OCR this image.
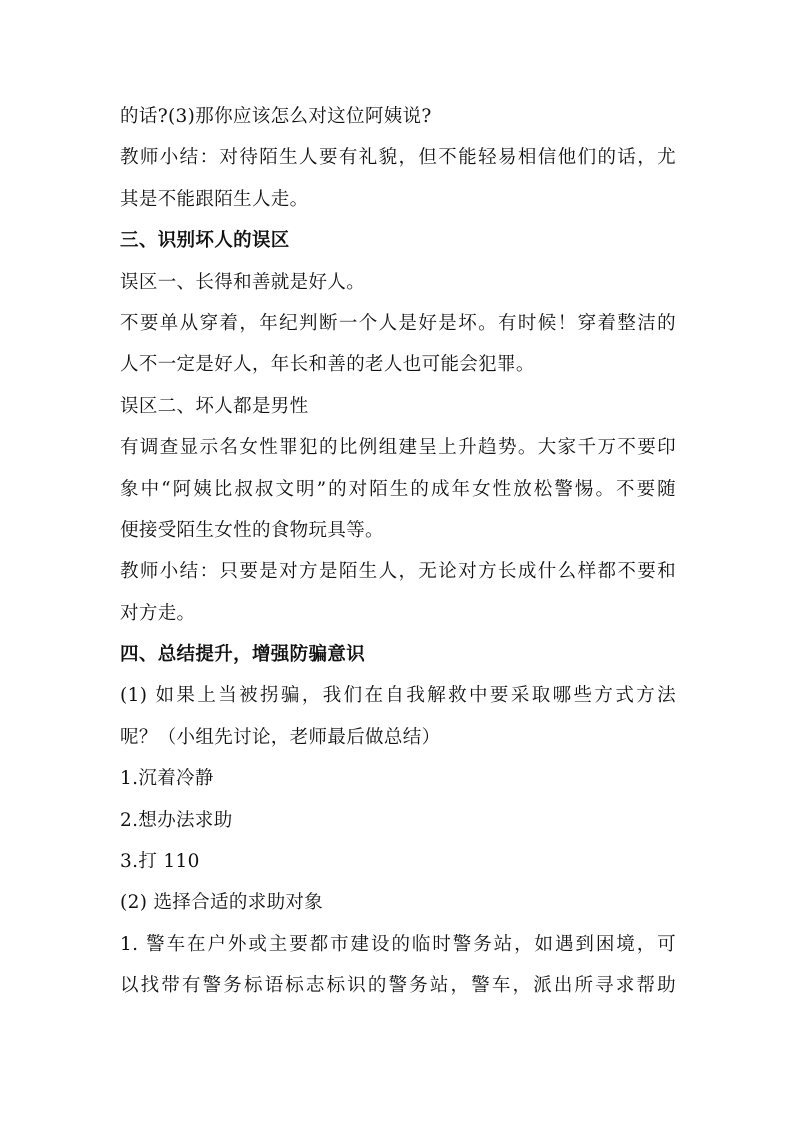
的话?(3)那你应该怎么对这位阿姨说?
教师小结：对待陌生人要有礼貌，但不能轻易相信他们的话，尤
其是不能跟陌生人走。
三、识别坏人的误区
误区一、长得和善就是好人。
不要单从穿着，年纪判断一个人是好是坏。有时候！穿着整洁的
人不一定是好人，年长和善的老人也可能会犯罪。
误区二、坏人都是男性
有调查显示名女性罪犯的比例组建呈上升趋势。大家千万不要印
象中“阿姨比叔叔文明”的对陌生的成年女性放松警惕。不要随
便接受陌生女性的食物玩具等。
教师小结：只要是对方是陌生人，无论对方长成什么样都不要和
对方走。
四、总结提升，增强防骗意识
(1) 如果上当被拐骗，我们在自我解救中要采取哪些方式方法
呢？（小组先讨论，老师最后做总结）
1.沉着冷静
2.想办法求助
3.打 110
(2) 选择合适的求助对象
1. 警车在户外或主要都市建设的临时警务站，如遇到困境，可
以找带有警务标语标志标识的警务站，警车，派出所寻求帮助
